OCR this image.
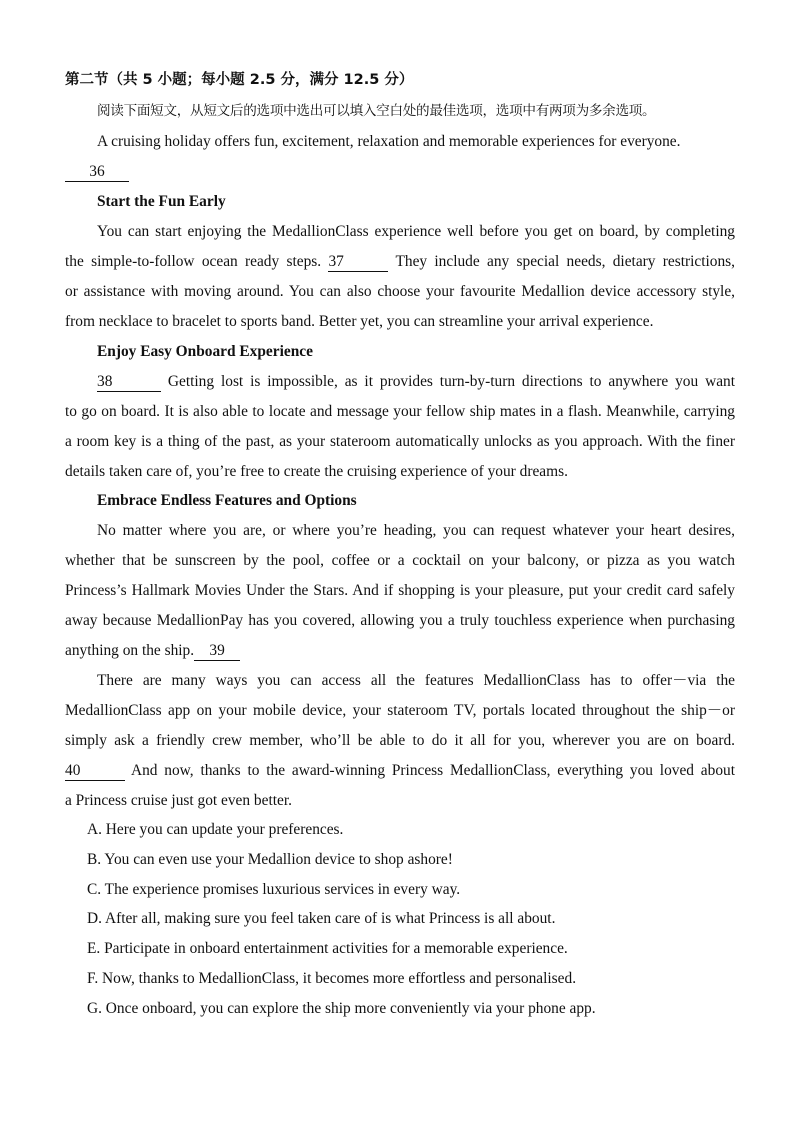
第二节（共 5 小题；每小题 2.5 分，满分 12.5 分）
阅读下面短文，从短文后的选项中选出可以填入空白处的最佳选项，选项中有两项为多余选项。
A cruising holiday offers fun, excitement, relaxation and memorable experiences for everyone.
36
Start the Fun Early
You can start enjoying the MedallionClass experience well before you get on board, by completing
the simple-to-follow ocean ready steps. 37	They include any special needs, dietary restrictions,
or assistance with moving around. You can also choose your favourite Medallion device accessory style,
from necklace to bracelet to sports band. Better yet, you can streamline your arrival experience.
Enjoy Easy Onboard Experience
38	Getting lost is impossible, as it provides turn-by-turn directions to anywhere you want
to go on board. It is also able to locate and message your fellow ship mates in a flash. Meanwhile, carrying
a room key is a thing of the past, as your stateroom automatically unlocks as you approach. With the finer
details taken care of, you’re free to create the cruising experience of your dreams.
Embrace Endless Features and Options
No matter where you are, or where you’re heading, you can request whatever your heart desires,
whether that be sunscreen by the pool, coffee or a cocktail on your balcony, or pizza as you watch
Princess’s Hallmark Movies Under the Stars. And if shopping is your pleasure, put your credit card safely
away because MedallionPay has you covered, allowing you a truly touchless experience when purchasing
anything on the ship. 39
There are many ways you can access all the features MedallionClass has to offer－via the
MedallionClass app on your mobile device, your stateroom TV, portals located throughout the ship－or
simply ask a friendly crew member, who’ll be able to do it all for you, wherever you are on board.
40	And now, thanks to the award-winning Princess MedallionClass, everything you loved about
a Princess cruise just got even better.
A. Here you can update your preferences.
B. You can even use your Medallion device to shop ashore!
C. The experience promises luxurious services in every way.
D. After all, making sure you feel taken care of is what Princess is all about.
E. Participate in onboard entertainment activities for a memorable experience.
F. Now, thanks to MedallionClass, it becomes more effortless and personalised.
G. Once onboard, you can explore the ship more conveniently via your phone app.
